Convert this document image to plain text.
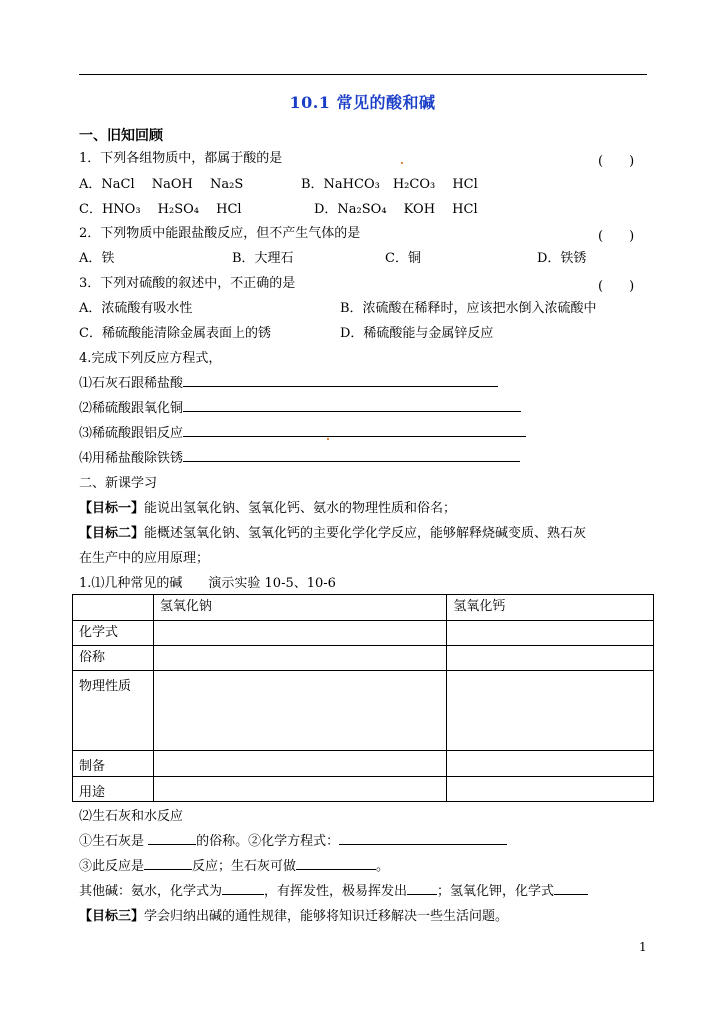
10.1 常见的酸和碱
一、旧知回顾
1．下列各组物质中，都属于酸的是	(　　)
A．NaCl　 NaOH　 Na₂S	B．NaHCO₃　H₂CO₃　 HCl
C．HNO₃　 H₂SO₄　 HCl	D．Na₂SO₄　 KOH　 HCl
2．下列物质中能跟盐酸反应，但不产生气体的是	(　　)
A．铁	B．大理石	C．铜	D．铁锈
3．下列对硫酸的叙述中，不正确的是	(　　)
A．浓硫酸有吸水性	B．浓硫酸在稀释时，应该把水倒入浓硫酸中
C．稀硫酸能清除金属表面上的锈	D．稀硫酸能与金属锌反应
4.完成下列反应方程式，
⑴石灰石跟稀盐酸
⑵稀硫酸跟氧化铜
⑶稀硫酸跟铝反应
⑷用稀盐酸除铁锈
二、新课学习
【目标一】能说出氢氧化钠、氢氧化钙、氨水的物理性质和俗名；
【目标二】能概述氢氧化钠、氢氧化钙的主要化学化学反应，能够解释烧碱变质、熟石灰
在生产中的应用原理；
1.⑴几种常见的碱　　演示实验 10-5、10-6
	氢氧化钠	氢氧化钙
化学式		
俗称		
物理性质		
制备		
用途		
⑵生石灰和水反应
①生石灰是	的俗称。②化学方程式：
③此反应是	反应；生石灰可做	。
其他碱：氨水，化学式为	，有挥发性，极易挥发出 ；氢氧化钾，化学式
【目标三】学会归纳出碱的通性规律，能够将知识迁移解决一些生活问题。
1
